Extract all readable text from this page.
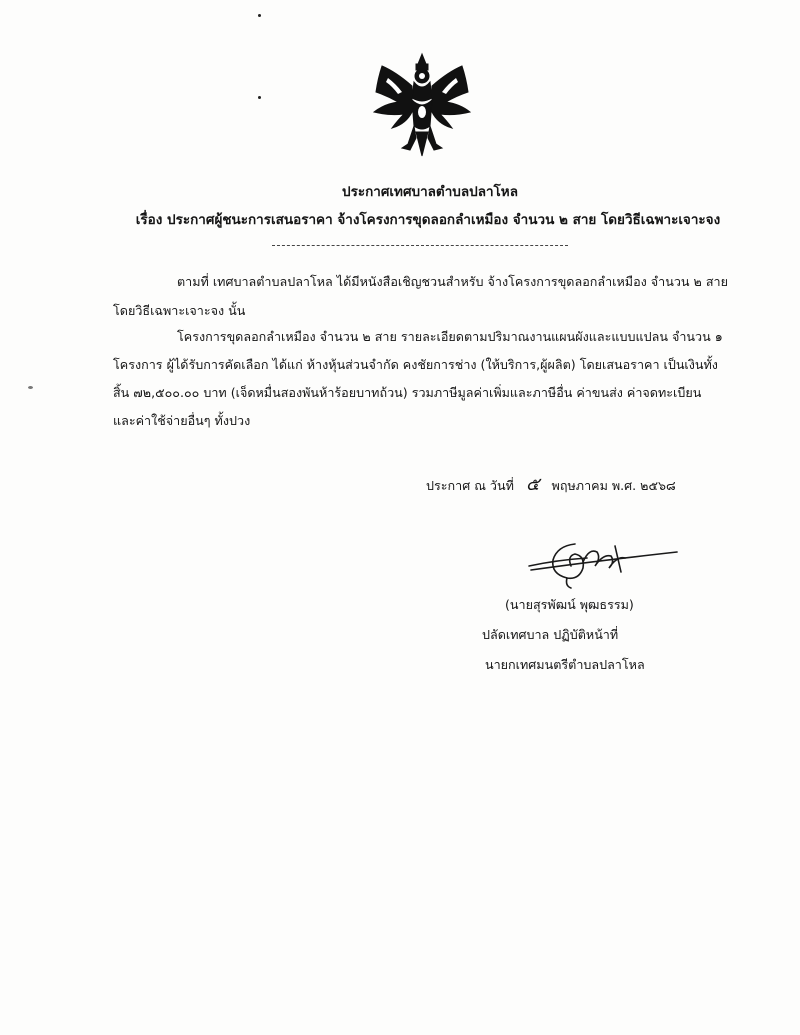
ประกาศเทศบาลตำบลปลาโหล
เรื่อง ประกาศผู้ชนะการเสนอราคา จ้างโครงการขุดลอกลำเหมือง จำนวน ๒ สาย โดยวิธีเฉพาะเจาะจง
ตามที่ เทศบาลตำบลปลาโหล ได้มีหนังสือเชิญชวนสำหรับ จ้างโครงการขุดลอกลำเหมือง จำนวน ๒ สาย
โดยวิธีเฉพาะเจาะจง นั้น
โครงการขุดลอกลำเหมือง จำนวน ๒ สาย รายละเอียดตามปริมาณงานแผนผังและแบบแปลน จำนวน ๑
โครงการ ผู้ได้รับการคัดเลือก ได้แก่ ห้างหุ้นส่วนจำกัด คงชัยการช่าง (ให้บริการ,ผู้ผลิต) โดยเสนอราคา เป็นเงินทั้ง
สิ้น ๗๒,๕๐๐.๐๐ บาท (เจ็ดหมื่นสองพันห้าร้อยบาทถ้วน) รวมภาษีมูลค่าเพิ่มและภาษีอื่น ค่าขนส่ง ค่าจดทะเบียน
และค่าใช้จ่ายอื่นๆ ทั้งปวง
ประกาศ ณ วันที่ ๕ พฤษภาคม พ.ศ. ๒๕๖๘
(นายสุรพัฒน์ พุฒธรรม)
ปลัดเทศบาล ปฏิบัติหน้าที่
นายกเทศมนตรีตำบลปลาโหล
